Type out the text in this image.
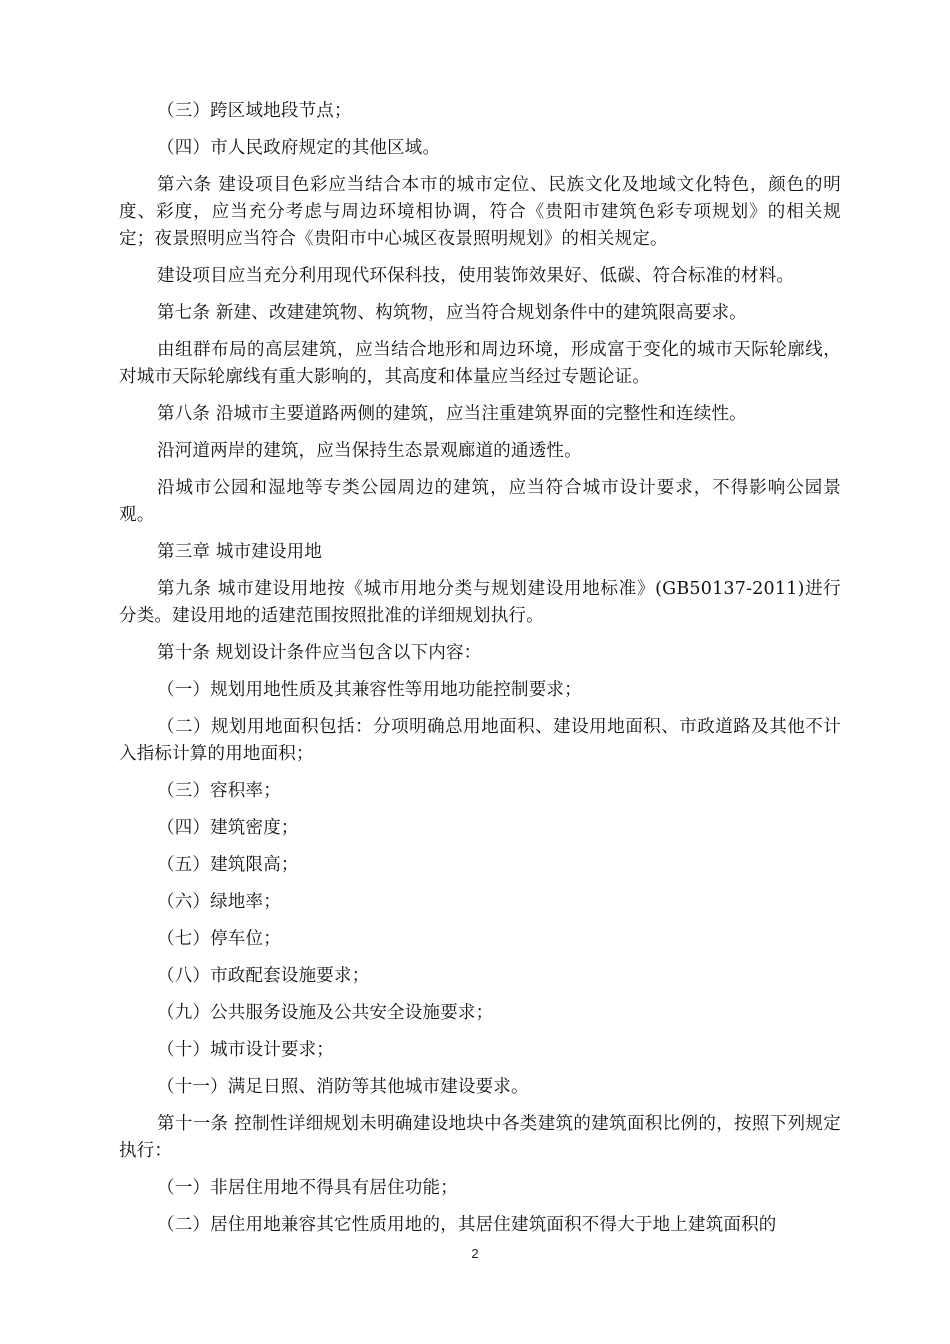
（三）跨区域地段节点；

（四）市人民政府规定的其他区域。

第六条 建设项目色彩应当结合本市的城市定位、民族文化及地域文化特色，颜色的明度、彩度，应当充分考虑与周边环境相协调，符合《贵阳市建筑色彩专项规划》的相关规定；夜景照明应当符合《贵阳市中心城区夜景照明规划》的相关规定。

建设项目应当充分利用现代环保科技，使用装饰效果好、低碳、符合标准的材料。

第七条 新建、改建建筑物、构筑物，应当符合规划条件中的建筑限高要求。

由组群布局的高层建筑，应当结合地形和周边环境，形成富于变化的城市天际轮廓线，对城市天际轮廓线有重大影响的，其高度和体量应当经过专题论证。

第八条 沿城市主要道路两侧的建筑，应当注重建筑界面的完整性和连续性。

沿河道两岸的建筑，应当保持生态景观廊道的通透性。

沿城市公园和湿地等专类公园周边的建筑，应当符合城市设计要求，不得影响公园景观。

第三章 城市建设用地

第九条 城市建设用地按《城市用地分类与规划建设用地标准》(GB50137-2011)进行分类。建设用地的适建范围按照批准的详细规划执行。

第十条 规划设计条件应当包含以下内容：

（一）规划用地性质及其兼容性等用地功能控制要求；

（二）规划用地面积包括：分项明确总用地面积、建设用地面积、市政道路及其他不计入指标计算的用地面积；

（三）容积率；

（四）建筑密度；

（五）建筑限高；

（六）绿地率；

（七）停车位；

（八）市政配套设施要求；

（九）公共服务设施及公共安全设施要求；

（十）城市设计要求；

（十一）满足日照、消防等其他城市建设要求。

第十一条 控制性详细规划未明确建设地块中各类建筑的建筑面积比例的，按照下列规定执行：

（一）非居住用地不得具有居住功能；

（二）居住用地兼容其它性质用地的，其居住建筑面积不得大于地上建筑面积的

2
